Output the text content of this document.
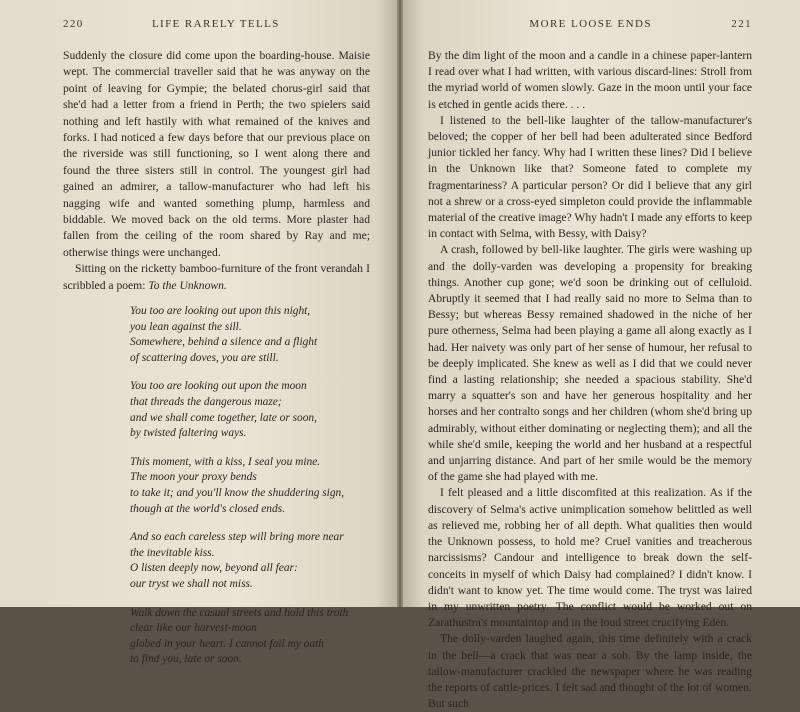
220	LIFE RARELY TELLS

Suddenly the closure did come upon the boarding-house. Maisie wept. The commercial traveller said that he was anyway on the point of leaving for Gympie; the belated chorus-girl said that she'd had a letter from a friend in Perth; the two spielers said nothing and left hastily with what remained of the knives and forks. I had noticed a few days before that our previous place on the riverside was still functioning, so I went along there and found the three sisters still in control. The youngest girl had gained an admirer, a tallow-manufacturer who had left his nagging wife and wanted something plump, harmless and biddable. We moved back on the old terms. More plaster had fallen from the ceiling of the room shared by Ray and me; otherwise things were unchanged.

Sitting on the ricketty bamboo-furniture of the front verandah I scribbled a poem: To the Unknown.

You too are looking out upon this night,
you lean against the sill.
Somewhere, behind a silence and a flight
of scattering doves, you are still.
You too are looking out upon the moon
that threads the dangerous maze;
and we shall come together, late or soon,
by twisted faltering ways.
This moment, with a kiss, I seal you mine.
The moon your proxy bends
to take it; and you'll know the shuddering sign,
though at the world's closed ends.
And so each careless step will bring more near
the inevitable kiss.
O listen deeply now, beyond all fear:
our tryst we shall not miss.
Walk down the casual streets and hold this troth
clear like our harvest-moon
globed in your heart. I cannot fail my oath
to find you, late or soon.
MORE LOOSE ENDS	221

By the dim light of the moon and a candle in a chinese paper-lantern I read over what I had written, with various discard-lines: Stroll from the myriad world of women slowly. Gaze in the moon until your face is etched in gentle acids there. . . .

I listened to the bell-like laughter of the tallow-manufacturer's beloved; the copper of her bell had been adulterated since Bedford junior tickled her fancy. Why had I written these lines? Did I believe in the Unknown like that? Someone fated to complete my fragmentariness? A particular person? Or did I believe that any girl not a shrew or a cross-eyed simpleton could provide the inflammable material of the creative image? Why hadn't I made any efforts to keep in contact with Selma, with Bessy, with Daisy?

A crash, followed by bell-like laughter. The girls were washing up and the dolly-varden was developing a propensity for breaking things. Another cup gone; we'd soon be drinking out of celluloid. Abruptly it seemed that I had really said no more to Selma than to Bessy; but whereas Bessy remained shadowed in the niche of her pure otherness, Selma had been playing a game all along exactly as I had. Her naivety was only part of her sense of humour, her refusal to be deeply implicated. She knew as well as I did that we could never find a lasting relationship; she needed a spacious stability. She'd marry a squatter's son and have her generous hospitality and her horses and her contralto songs and her children (whom she'd bring up admirably, without either dominating or neglecting them); and all the while she'd smile, keeping the world and her husband at a respectful and unjarring distance. And part of her smile would be the memory of the game she had played with me.

I felt pleased and a little discomfited at this realization. As if the discovery of Selma's active unimplication somehow belittled as well as relieved me, robbing her of all depth. What qualities then would the Unknown possess, to hold me? Cruel vanities and treacherous narcissisms? Candour and intelligence to break down the self-conceits in myself of which Daisy had complained? I didn't know. I didn't want to know yet. The time would come. The tryst was laired in my unwritten poetry. The conflict would be worked out on Zarathustra's mountaintop and in the loud street crucifying Eden.

The dolly-varden laughed again, this time definitely with a crack in the bell—a crack that was near a sob. By the lamp inside, the tallow-manufacturer crackled the newspaper where he was reading the reports of cattle-prices. I felt sad and thought of the lot of women. But such
